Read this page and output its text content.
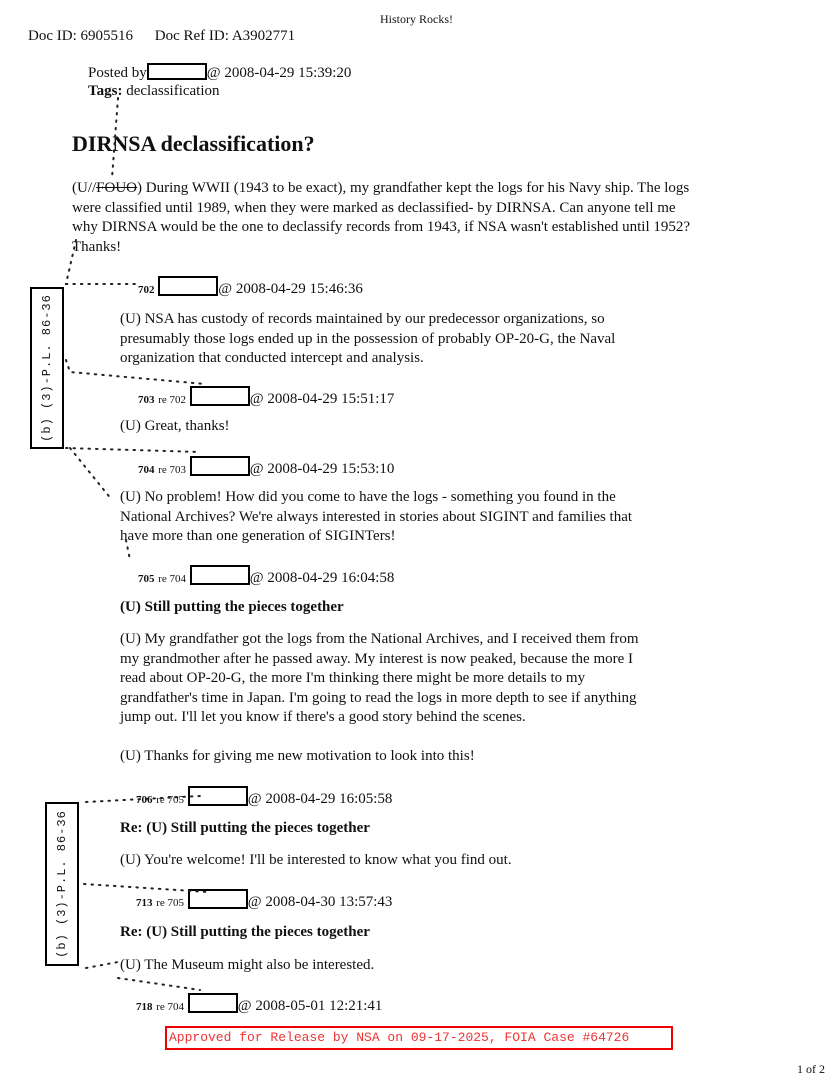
History Rocks!
Doc ID: 6905516 Doc Ref ID: A3902771
Posted by	@ 2008-04-29 15:39:20
Tags: declassification
DIRNSA declassification?
(U//FOUO) During WWII (1943 to be exact), my grandfather kept the logs for his Navy ship. The logs
were classified until 1989, when they were marked as declassified- by DIRNSA. Can anyone tell me
why DIRNSA would be the one to declassify records from 1943, if NSA wasn't established until 1952?
Thanks!
702	@ 2008-04-29 15:46:36
(U) NSA has custody of records maintained by our predecessor organizations, so
presumably those logs ended up in the possession of probably OP-20-G, the Naval
organization that conducted intercept and analysis.
703 re 702	@ 2008-04-29 15:51:17
(U) Great, thanks!
704 re 703	@ 2008-04-29 15:53:10
(U) No problem! How did you come to have the logs - something you found in the
National Archives? We're always interested in stories about SIGINT and families that
have more than one generation of SIGINTers!
705 re 704	@ 2008-04-29 16:04:58
(U) Still putting the pieces together
(U) My grandfather got the logs from the National Archives, and I received them from
my grandmother after he passed away. My interest is now peaked, because the more I
read about OP-20-G, the more I'm thinking there might be more details to my
grandfather's time in Japan. I'm going to read the logs in more depth to see if anything
jump out. I'll let you know if there's a good story behind the scenes.
(U) Thanks for giving me new motivation to look into this!
706 re 705	@ 2008-04-29 16:05:58
Re: (U) Still putting the pieces together
(U) You're welcome! I'll be interested to know what you find out.
713 re 705	@ 2008-04-30 13:57:43
Re: (U) Still putting the pieces together
(U) The Museum might also be interested.
718 re 704	@ 2008-05-01 12:21:41
(b) (3)-P.L. 86-36
(b) (3)-P.L. 86-36
Approved for Release by NSA on 09-17-2025, FOIA Case #64726
1 of 2
